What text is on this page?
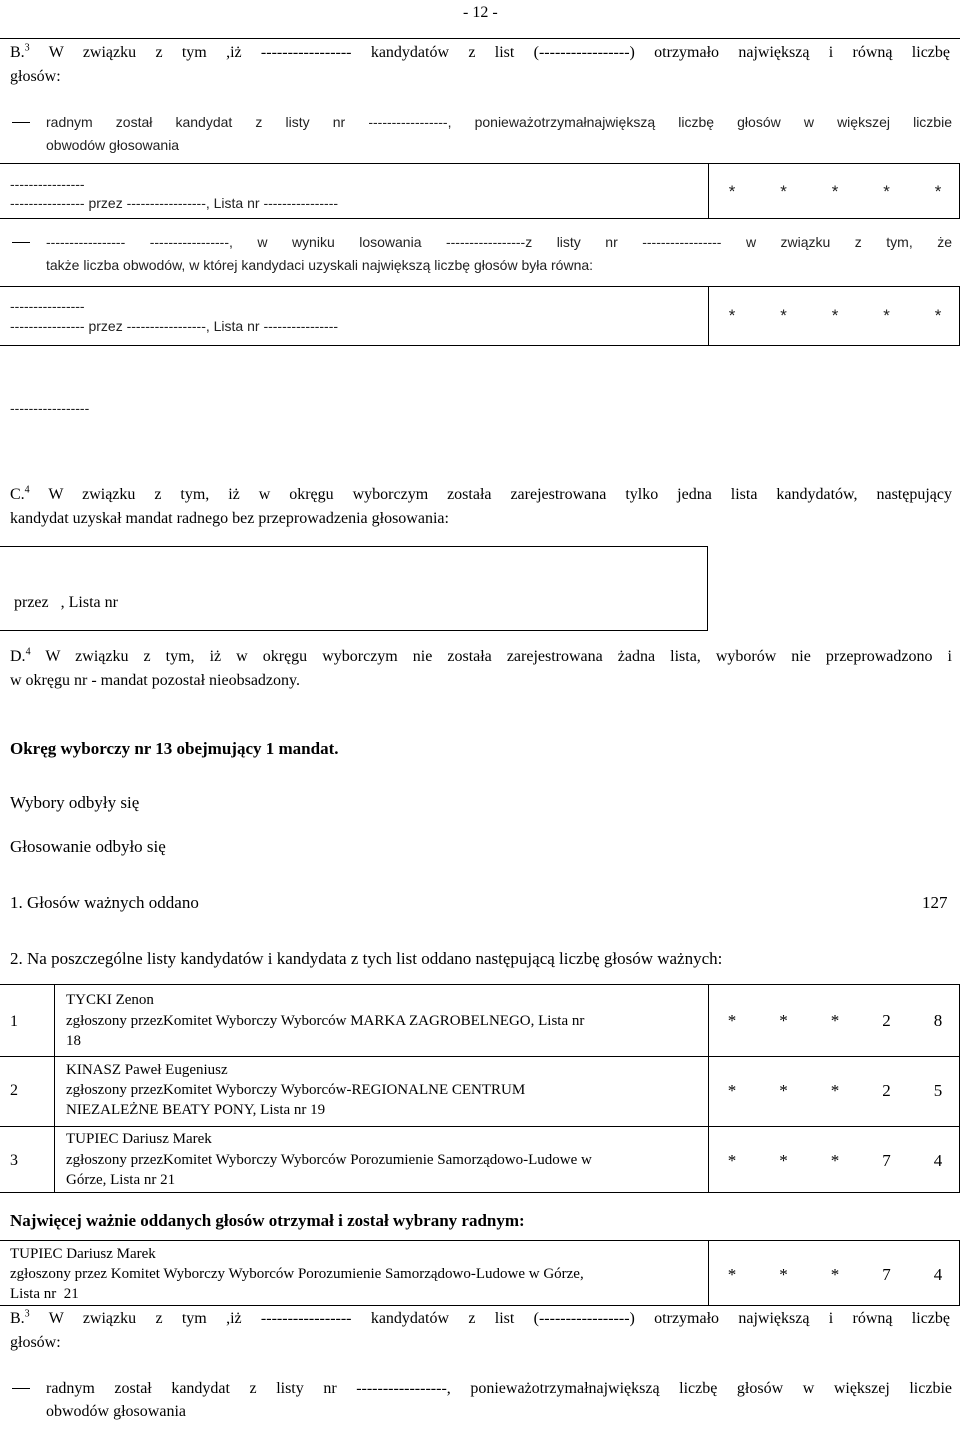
- 12 -
B.$^3$ W związku z tym ,iż ----------------- kandydatów z list (-----------------) otrzymało największą i równą liczbę
głosów:
radnym został kandydat z listy nr -----------------, ponieważotrzymałnajwiększą liczbę głosów w większej liczbie
obwodów głosowania
----------------
---------------- przez -----------------, Lista nr ----------------
*	*	*	*	*
----------------- -----------------, w wyniku losowania -----------------z listy nr ----------------- w związku z tym, że
także liczba obwodów, w której kandydaci uzyskali największą liczbę głosów była równa:
----------------
---------------- przez -----------------, Lista nr ----------------
*	*	*	*	*
-----------------
C.$^4$ W związku z tym, iż w okręgu wyborczym została zarejestrowana tylko jedna lista kandydatów, następujący
kandydat uzyskał mandat radnego bez przeprowadzenia głosowania:
przez   , Lista nr
D.$^4$ W związku z tym, iż w okręgu wyborczym nie została zarejestrowana żadna lista, wyborów nie przeprowadzono i
w okręgu nr - mandat pozostał nieobsadzony.
Okręg wyborczy nr 13 obejmujący 1 mandat.
Wybory odbyły się
Głosowanie odbyło się
1. Głosów ważnych oddano	127
2. Na poszczególne listy kandydatów i kandydata z tych list oddano następującą liczbę głosów ważnych:
1
TYCKI Zenon
zgłoszony przezKomitet Wyborczy Wyborców MARKA ZAGROBELNEGO, Lista nr
18
*	*	*	2	8
2
KINASZ Paweł Eugeniusz
zgłoszony przezKomitet Wyborczy Wyborców-REGIONALNE CENTRUM
NIEZALEŻNE BEATY PONY, Lista nr 19
*	*	*	2	5
3
TUPIEC Dariusz Marek
zgłoszony przezKomitet Wyborczy Wyborców Porozumienie Samorządowo-Ludowe w
Górze, Lista nr 21
*	*	*	7	4
Najwięcej ważnie oddanych głosów otrzymał i został wybrany radnym:
TUPIEC Dariusz Marek
zgłoszony przez Komitet Wyborczy Wyborców Porozumienie Samorządowo-Ludowe w Górze,
Lista nr  21
*	*	*	7	4
B.$^3$ W związku z tym ,iż ----------------- kandydatów z list (-----------------) otrzymało największą i równą liczbę
głosów:
radnym został kandydat z listy nr -----------------, ponieważotrzymałnajwiększą liczbę głosów w większej liczbie
obwodów głosowania
